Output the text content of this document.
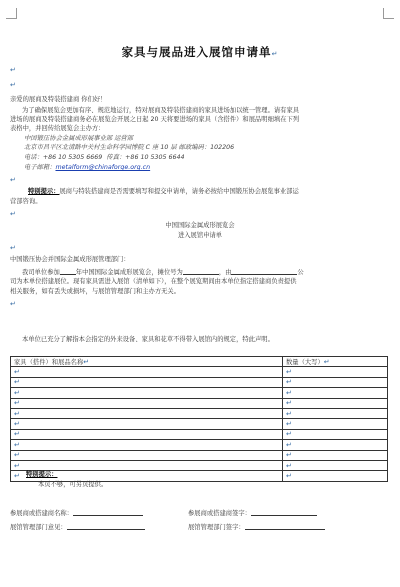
家具与展品进入展馆申请单↵
↵
↵
亲爱的展商及特装搭建商 你们好！
为了确保展览会更加有序、规范地运行，特对展商及特装搭建商的家具进场加以统一管理。请有家具
进场的展商及特装搭建商务必在展览会开展之日起 20 天将要进场的家具（含搭件）和展品明细填在下列
表格中，并回传给展览会主办方：
中国锻压协会金属成形展事业部 运营部
北京市昌平区北清路中关村生命科学园博院 C 座 10 层 邮政编码：102206
电话：+86 10 5305 6669 传真：+86 10 5305 6644
电子邮箱：metalform@chinaforge.org.cn
↵
特别提示：展商与特装搭建商是否需要填写和提交申请单，请务必按给中国锻压协会展览事业部运
营部咨询。
↵
中国国际金属成形展览会
进入展馆申请单
↵
中国锻压协会并国际金属成形展管理部门：
我司单位参加	年中国国际金属成形展览会，摊位号为	，由	公
司为本单位搭建展位。现有家具需进入展馆（清单如下），在整个展览期间由本单位指定搭建商负责提供
相关服务，如有丢失或损坏，与展馆管理部门和主办方无关。
↵
本单位已充分了解指本会指定的外来设备、家具和花草不得带入展馆内的规定，特此声明。
家具（搭件）和展品名称↵	数量（大写）↵
↵	↵
↵	↵
↵	↵
↵	↵
↵	↵
↵	↵
↵	↵
↵	↵
↵	↵
↵	↵
↵	↵
特别提示：
本页不够，可另页提供。
参展商或搭建商名称：	参展商或搭建商签字：
展馆管理部门意见：	展馆管理部门签字：
